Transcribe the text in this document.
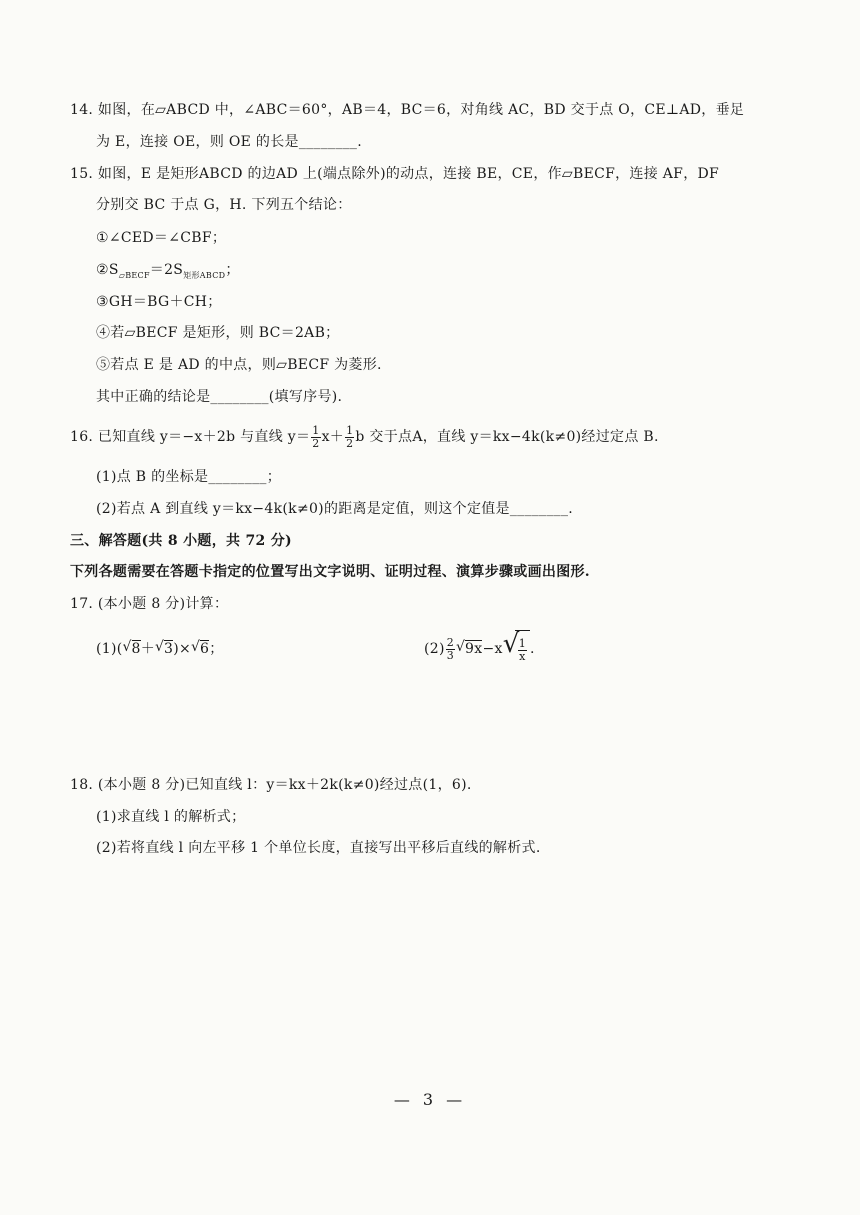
14. 如图，在▱ABCD 中，∠ABC＝60°，AB＝4，BC＝6，对角线 AC，BD 交于点 O，CE⊥AD，垂足
为 E，连接 OE，则 OE 的长是________.
15. 如图，E 是矩形ABCD 的边AD 上(端点除外)的动点，连接 BE，CE，作▱BECF，连接 AF，DF
分别交 BC 于点 G，H. 下列五个结论：
①∠CED＝∠CBF；
$②S_{▱BECF}=2S_{矩形ABCD}$；
③GH＝BG＋CH；
④若▱BECF 是矩形，则 BC＝2AB；
⑤若点 E 是 AD 的中点，则▱BECF 为菱形.
其中正确的结论是________(填写序号).
16. 已知直线 y＝−x＋2b 与直线 $y= \frac{1}{2} x+ \frac{1}{2}$ b 交于点A，直线 y＝kx−4k(k≠0)经过定点 B.
(1)点 B 的坐标是________；
(2)若点 A 到直线 y＝kx−4k(k≠0)的距离是定值，则这个定值是________.
三、解答题(共 8 小题，共 72 分)
下列各题需要在答题卡指定的位置写出文字说明、证明过程、演算步骤或画出图形.
17. (本小题 8 分)计算：
(1)( √ 8＋ √ 3)× √ 6；	$(2) \frac{2}{3}$ √ 9x−x √ $\frac{1}{x}$ .
18. (本小题 8 分)已知直线 l：y＝kx＋2k(k≠0)经过点(1，6).
(1)求直线 l 的解析式；
(2)若将直线 l 向左平移 1 个单位长度，直接写出平移后直线的解析式.
— 3 —
